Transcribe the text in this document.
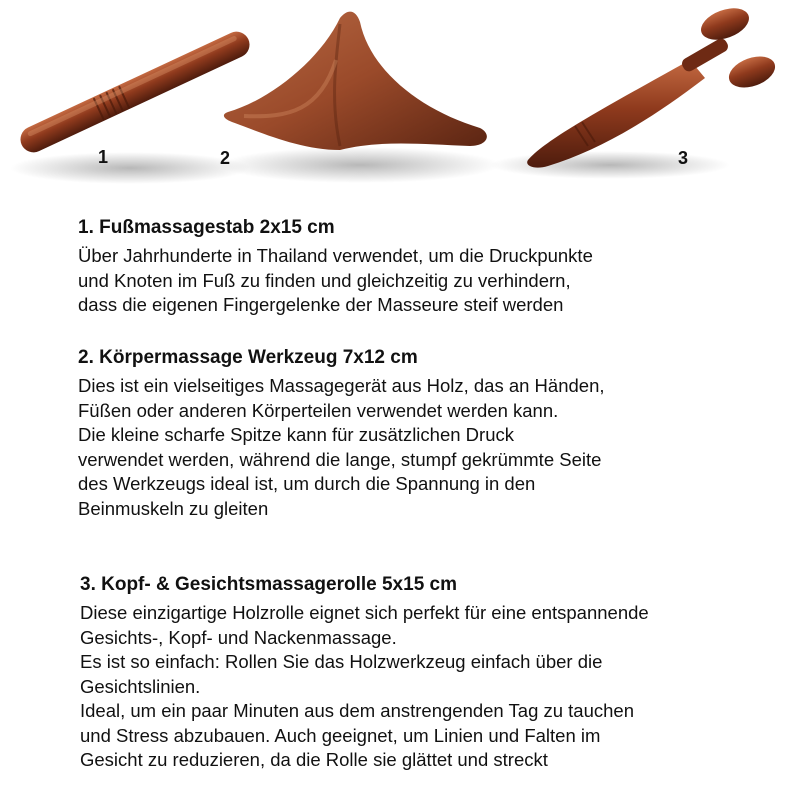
1	2	3
1. Fußmassagestab 2x15 cm

Über Jahrhunderte in Thailand verwendet, um die Druckpunkte

und Knoten im Fuß zu finden und gleichzeitig zu verhindern,

dass die eigenen Fingergelenke der Masseure steif werden

2. Körpermassage Werkzeug 7x12 cm

Dies ist ein vielseitiges Massagegerät aus Holz, das an Händen,

Füßen oder anderen Körperteilen verwendet werden kann.

Die kleine scharfe Spitze kann für zusätzlichen Druck

verwendet werden, während die lange, stumpf gekrümmte Seite

des Werkzeugs ideal ist, um durch die Spannung in den

Beinmuskeln zu gleiten

3. Kopf- & Gesichtsmassagerolle 5x15 cm

Diese einzigartige Holzrolle eignet sich perfekt für eine entspannende

Gesichts-, Kopf- und Nackenmassage.

Es ist so einfach: Rollen Sie das Holzwerkzeug einfach über die

Gesichtslinien.

Ideal, um ein paar Minuten aus dem anstrengenden Tag zu tauchen

und Stress abzubauen. Auch geeignet, um Linien und Falten im

Gesicht zu reduzieren, da die Rolle sie glättet und streckt
